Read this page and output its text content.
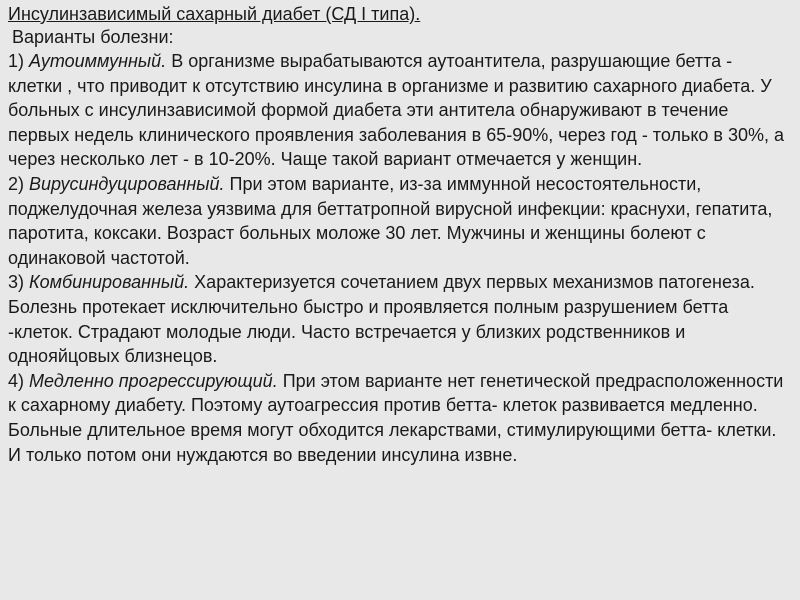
Инсулинзависимый сахарный диабет (СД I типа).
Варианты болезни:

1) Аутоиммунный. В организме вырабатываются аутоантитела, разрушающие бетта - клетки , что приводит к отсутствию инсулина в организме и развитию сахарного диабета. У больных с инсулинзависимой формой диабета эти антитела обнаруживают в течение первых недель клинического проявления заболевания в 65-90%, через год - только в 30%, а через несколько лет - в 10-20%. Чаще такой вариант отмечается у женщин.

2) Вирусиндуцированный. При этом варианте, из-за иммунной несостоятельности, поджелудочная железа уязвима для беттатропной вирусной инфекции: краснухи, гепатита, паротита, коксаки. Возраст больных моложе 30 лет. Мужчины и женщины болеют с одинаковой частотой.

3) Комбинированный. Характеризуется сочетанием двух первых механизмов патогенеза. Болезнь протекает исключительно быстро и проявляется полным разрушением бетта -клеток. Страдают молодые люди. Часто встречается у близких родственников и однояйцовых близнецов.

4) Медленно прогрессирующий. При этом варианте нет генетической предрасположенности к сахарному диабету. Поэтому аутоагрессия против бетта- клеток развивается медленно. Больные длительное время могут обходится лекарствами, стимулирующими бетта- клетки. И только потом они нуждаются во введении инсулина извне.
